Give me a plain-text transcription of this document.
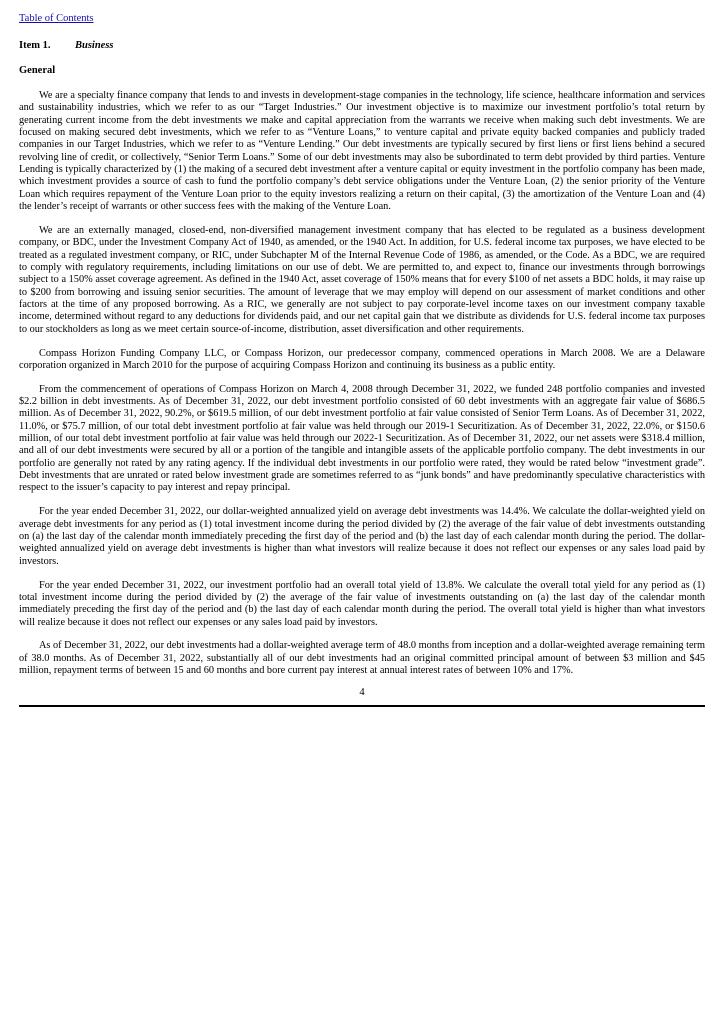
Table of Contents
Item 1. Business
General

We are a specialty finance company that lends to and invests in development-stage companies in the technology, life science, healthcare information and services and sustainability industries, which we refer to as our “Target Industries.” Our investment objective is to maximize our investment portfolio’s total return by generating current income from the debt investments we make and capital appreciation from the warrants we receive when making such debt investments. We are focused on making secured debt investments, which we refer to as “Venture Loans,” to venture capital and private equity backed companies and publicly traded companies in our Target Industries, which we refer to as “Venture Lending.” Our debt investments are typically secured by first liens or first liens behind a secured revolving line of credit, or collectively, “Senior Term Loans.” Some of our debt investments may also be subordinated to term debt provided by third parties. Venture Lending is typically characterized by (1) the making of a secured debt investment after a venture capital or equity investment in the portfolio company has been made, which investment provides a source of cash to fund the portfolio company’s debt service obligations under the Venture Loan, (2) the senior priority of the Venture Loan which requires repayment of the Venture Loan prior to the equity investors realizing a return on their capital, (3) the amortization of the Venture Loan and (4) the lender’s receipt of warrants or other success fees with the making of the Venture Loan.

We are an externally managed, closed-end, non-diversified management investment company that has elected to be regulated as a business development company, or BDC, under the Investment Company Act of 1940, as amended, or the 1940 Act. In addition, for U.S. federal income tax purposes, we have elected to be treated as a regulated investment company, or RIC, under Subchapter M of the Internal Revenue Code of 1986, as amended, or the Code. As a BDC, we are required to comply with regulatory requirements, including limitations on our use of debt. We are permitted to, and expect to, finance our investments through borrowings subject to a 150% asset coverage agreement. As defined in the 1940 Act, asset coverage of 150% means that for every $100 of net assets a BDC holds, it may raise up to $200 from borrowing and issuing senior securities. The amount of leverage that we may employ will depend on our assessment of market conditions and other factors at the time of any proposed borrowing. As a RIC, we generally are not subject to pay corporate-level income taxes on our investment company taxable income, determined without regard to any deductions for dividends paid, and our net capital gain that we distribute as dividends for U.S. federal income tax purposes to our stockholders as long as we meet certain source-of-income, distribution, asset diversification and other requirements.

Compass Horizon Funding Company LLC, or Compass Horizon, our predecessor company, commenced operations in March 2008. We are a Delaware corporation organized in March 2010 for the purpose of acquiring Compass Horizon and continuing its business as a public entity.

From the commencement of operations of Compass Horizon on March 4, 2008 through December 31, 2022, we funded 248 portfolio companies and invested $2.2 billion in debt investments. As of December 31, 2022, our debt investment portfolio consisted of 60 debt investments with an aggregate fair value of $686.5 million. As of December 31, 2022, 90.2%, or $619.5 million, of our debt investment portfolio at fair value consisted of Senior Term Loans. As of December 31, 2022, 11.0%, or $75.7 million, of our total debt investment portfolio at fair value was held through our 2019-1 Securitization. As of December 31, 2022, 22.0%, or $150.6 million, of our total debt investment portfolio at fair value was held through our 2022-1 Securitization. As of December 31, 2022, our net assets were $318.4 million, and all of our debt investments were secured by all or a portion of the tangible and intangible assets of the applicable portfolio company. The debt investments in our portfolio are generally not rated by any rating agency. If the individual debt investments in our portfolio were rated, they would be rated below “investment grade”. Debt investments that are unrated or rated below investment grade are sometimes referred to as “junk bonds” and have predominantly speculative characteristics with respect to the issuer’s capacity to pay interest and repay principal.

For the year ended December 31, 2022, our dollar-weighted annualized yield on average debt investments was 14.4%. We calculate the dollar-weighted yield on average debt investments for any period as (1) total investment income during the period divided by (2) the average of the fair value of debt investments outstanding on (a) the last day of the calendar month immediately preceding the first day of the period and (b) the last day of each calendar month during the period. The dollar-weighted annualized yield on average debt investments is higher than what investors will realize because it does not reflect our expenses or any sales load paid by investors.

For the year ended December 31, 2022, our investment portfolio had an overall total yield of 13.8%. We calculate the overall total yield for any period as (1) total investment income during the period divided by (2) the average of the fair value of investments outstanding on (a) the last day of the calendar month immediately preceding the first day of the period and (b) the last day of each calendar month during the period. The overall total yield is higher than what investors will realize because it does not reflect our expenses or any sales load paid by investors.

As of December 31, 2022, our debt investments had a dollar-weighted average term of 48.0 months from inception and a dollar-weighted average remaining term of 38.0 months. As of December 31, 2022, substantially all of our debt investments had an original committed principal amount of between $3 million and $45 million, repayment terms of between 15 and 60 months and bore current pay interest at annual interest rates of between 10% and 17%.

4
